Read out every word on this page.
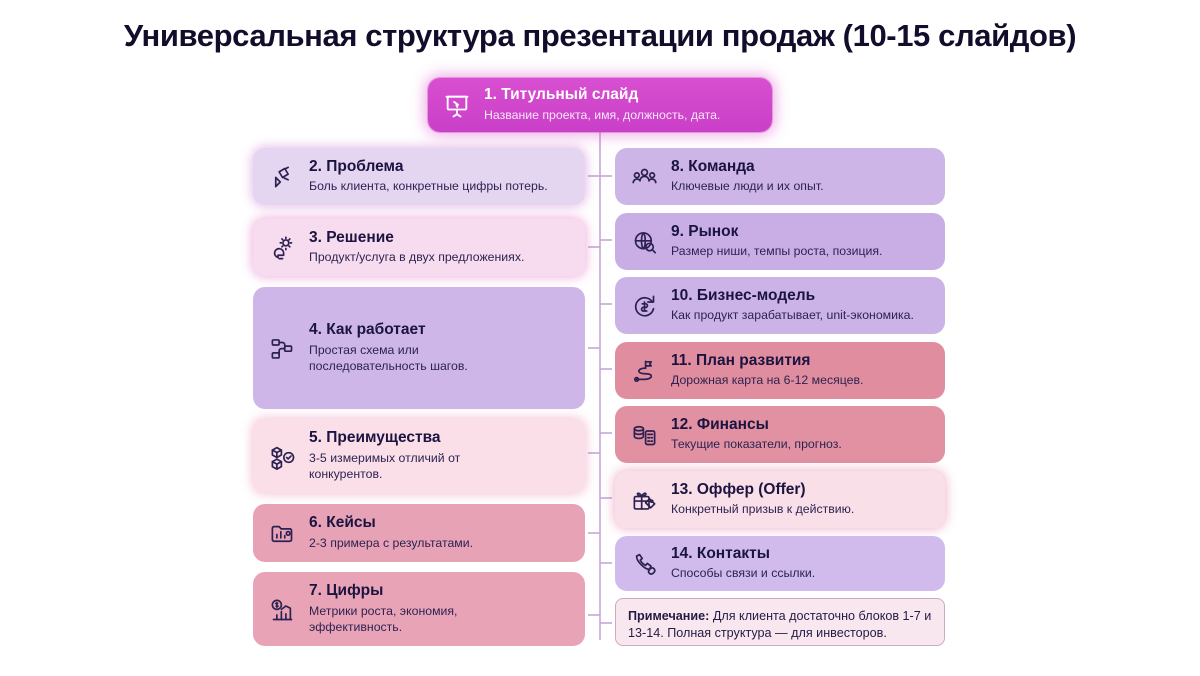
Универсальная структура презентации продаж (10-15 слайдов)
1. Титульный слайд
Название проекта, имя, должность, дата.
2. Проблема
Боль клиента, конкретные цифры потерь.
3. Решение
Продукт/услуга в двух предложениях.
4. Как работает
Простая схема или последовательность шагов.
5. Преимущества
3-5 измеримых отличий от конкурентов.
6. Кейсы
2-3 примера с результатами.
7. Цифры
Метрики роста, экономия, эффективность.
8. Команда
Ключевые люди и их опыт.
9. Рынок
Размер ниши, темпы роста, позиция.
10. Бизнес-модель
Как продукт зарабатывает, unit-экономика.
11. План развития
Дорожная карта на 6-12 месяцев.
12. Финансы
Текущие показатели, прогноз.
13. Оффер (Offer)
Конкретный призыв к действию.
14. Контакты
Способы связи и ссылки.
Примечание: Для клиента достаточно блоков 1-7 и 13-14. Полная структура — для инвесторов.
